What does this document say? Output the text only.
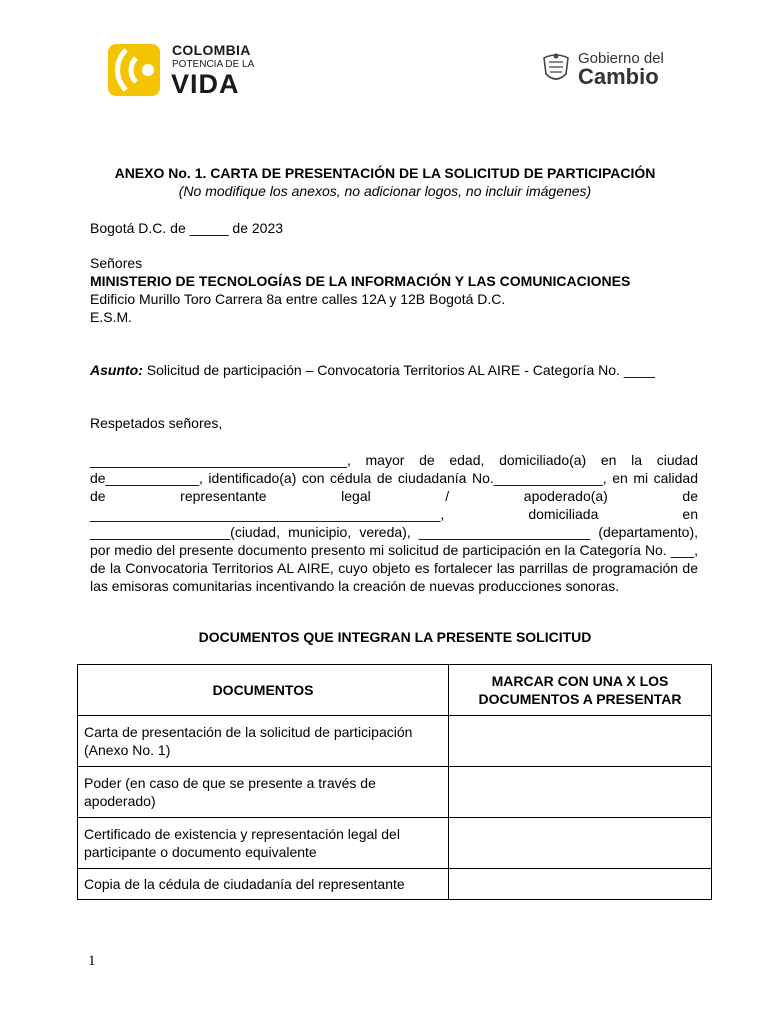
COLOMBIA
POTENCIA DE LA
VIDA
Gobierno del
Cambio
ANEXO No. 1. CARTA DE PRESENTACIÓN DE LA SOLICITUD DE PARTICIPACIÓN
(No modifique los anexos, no adicionar logos, no incluir imágenes)
Bogotá D.C. de _____ de 2023
Señores
MINISTERIO DE TECNOLOGÍAS DE LA INFORMACIÓN Y LAS COMUNICACIONES
Edificio Murillo Toro Carrera 8a entre calles 12A y 12B Bogotá D.C.
E.S.M.
Asunto: Solicitud de participación – Convocatoria Territorios AL AIRE - Categoría No. ____
Respetados señores,
_________________________________, mayor de edad, domiciliado(a) en la ciudad de____________, identificado(a) con cédula de ciudadanía No.______________, en mi calidad de representante legal / apoderado(a) de _____________________________________________, domiciliada en __________________(ciudad, municipio, vereda), ______________________ (departamento), por medio del presente documento presento mi solicitud de participación en la Categoría No. ___, de la Convocatoria Territorios AL AIRE, cuyo objeto es fortalecer las parrillas de programación de las emisoras comunitarias incentivando la creación de nuevas producciones sonoras.
DOCUMENTOS QUE INTEGRAN LA PRESENTE SOLICITUD
DOCUMENTOS	MARCAR CON UNA X LOS DOCUMENTOS A PRESENTAR
Carta de presentación de la solicitud de participación (Anexo No. 1)	
Poder (en caso de que se presente a través de apoderado)	
Certificado de existencia y representación legal del participante o documento equivalente	
Copia de la cédula de ciudadanía del representante	
1
